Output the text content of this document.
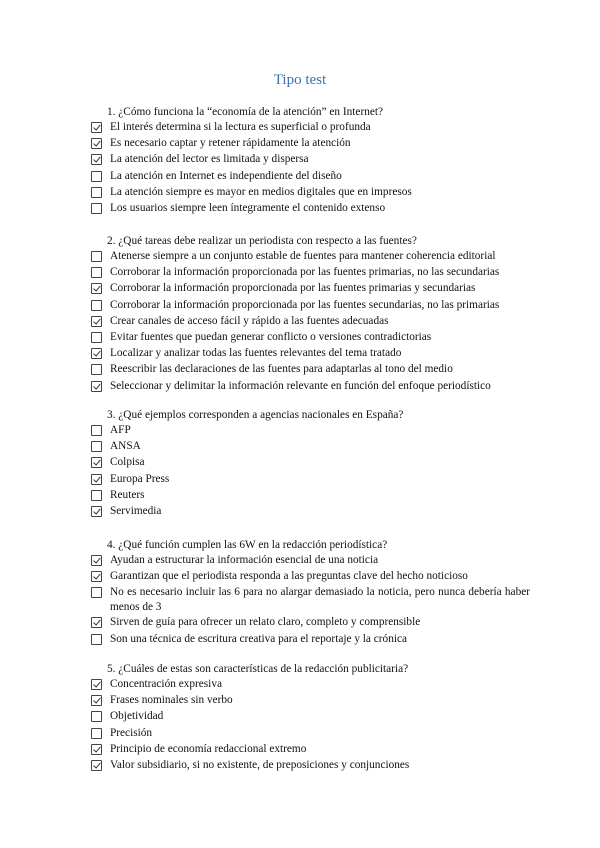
Tipo test
1. ¿Cómo funciona la “economía de la atención” en Internet?
El interés determina si la lectura es superficial o profunda
Es necesario captar y retener rápidamente la atención
La atención del lector es limitada y dispersa
La atención en Internet es independiente del diseño
La atención siempre es mayor en medios digitales que en impresos
Los usuarios siempre leen íntegramente el contenido extenso
2. ¿Qué tareas debe realizar un periodista con respecto a las fuentes?
Atenerse siempre a un conjunto estable de fuentes para mantener coherencia editorial
Corroborar la información proporcionada por las fuentes primarias, no las secundarias
Corroborar la información proporcionada por las fuentes primarias y secundarias
Corroborar la información proporcionada por las fuentes secundarias, no las primarias
Crear canales de acceso fácil y rápido a las fuentes adecuadas
Evitar fuentes que puedan generar conflicto o versiones contradictorias
Localizar y analizar todas las fuentes relevantes del tema tratado
Reescribir las declaraciones de las fuentes para adaptarlas al tono del medio
Seleccionar y delimitar la información relevante en función del enfoque periodístico
3. ¿Qué ejemplos corresponden a agencias nacionales en España?
AFP
ANSA
Colpisa
Europa Press
Reuters
Servimedia
4. ¿Qué función cumplen las 6W en la redacción periodística?
Ayudan a estructurar la información esencial de una noticia
Garantizan que el periodista responda a las preguntas clave del hecho noticioso
No es necesario incluir las 6 para no alargar demasiado la noticia, pero nunca debería haber menos de 3
Sirven de guía para ofrecer un relato claro, completo y comprensible
Son una técnica de escritura creativa para el reportaje y la crónica
5. ¿Cuáles de estas son características de la redacción publicitaria?
Concentración expresiva
Frases nominales sin verbo
Objetividad
Precisión
Principio de economía redaccional extremo
Valor subsidiario, si no existente, de preposiciones y conjunciones
